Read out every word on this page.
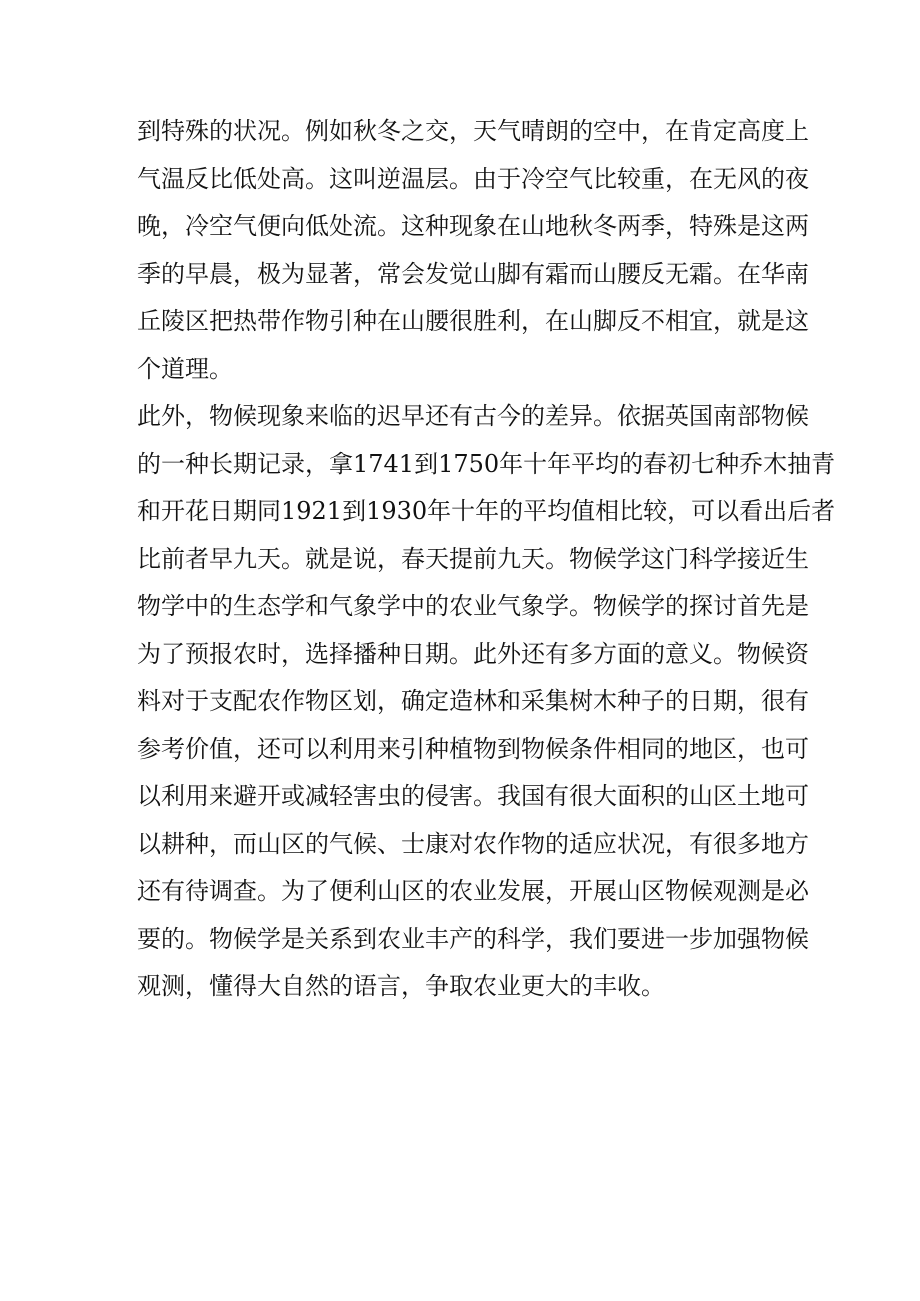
到特殊的状况。例如秋冬之交，天气晴朗的空中，在肯定高度上
气温反比低处高。这叫逆温层。由于冷空气比较重，在无风的夜
晚，冷空气便向低处流。这种现象在山地秋冬两季，特殊是这两
季的早晨，极为显著，常会发觉山脚有霜而山腰反无霜。在华南
丘陵区把热带作物引种在山腰很胜利，在山脚反不相宜，就是这
个道理。
此外，物候现象来临的迟早还有古今的差异。依据英国南部物候
的一种长期记录，拿1741到1750年十年平均的春初七种乔木抽青
和开花日期同1921到1930年十年的平均值相比较，可以看出后者
比前者早九天。就是说，春天提前九天。物候学这门科学接近生
物学中的生态学和气象学中的农业气象学。物候学的探讨首先是
为了预报农时，选择播种日期。此外还有多方面的意义。物候资
料对于支配农作物区划，确定造林和采集树木种子的日期，很有
参考价值，还可以利用来引种植物到物候条件相同的地区，也可
以利用来避开或减轻害虫的侵害。我国有很大面积的山区土地可
以耕种，而山区的气候、士康对农作物的适应状况，有很多地方
还有待调查。为了便利山区的农业发展，开展山区物候观测是必
要的。物候学是关系到农业丰产的科学，我们要进一步加强物候
观测，懂得大自然的语言，争取农业更大的丰收。
